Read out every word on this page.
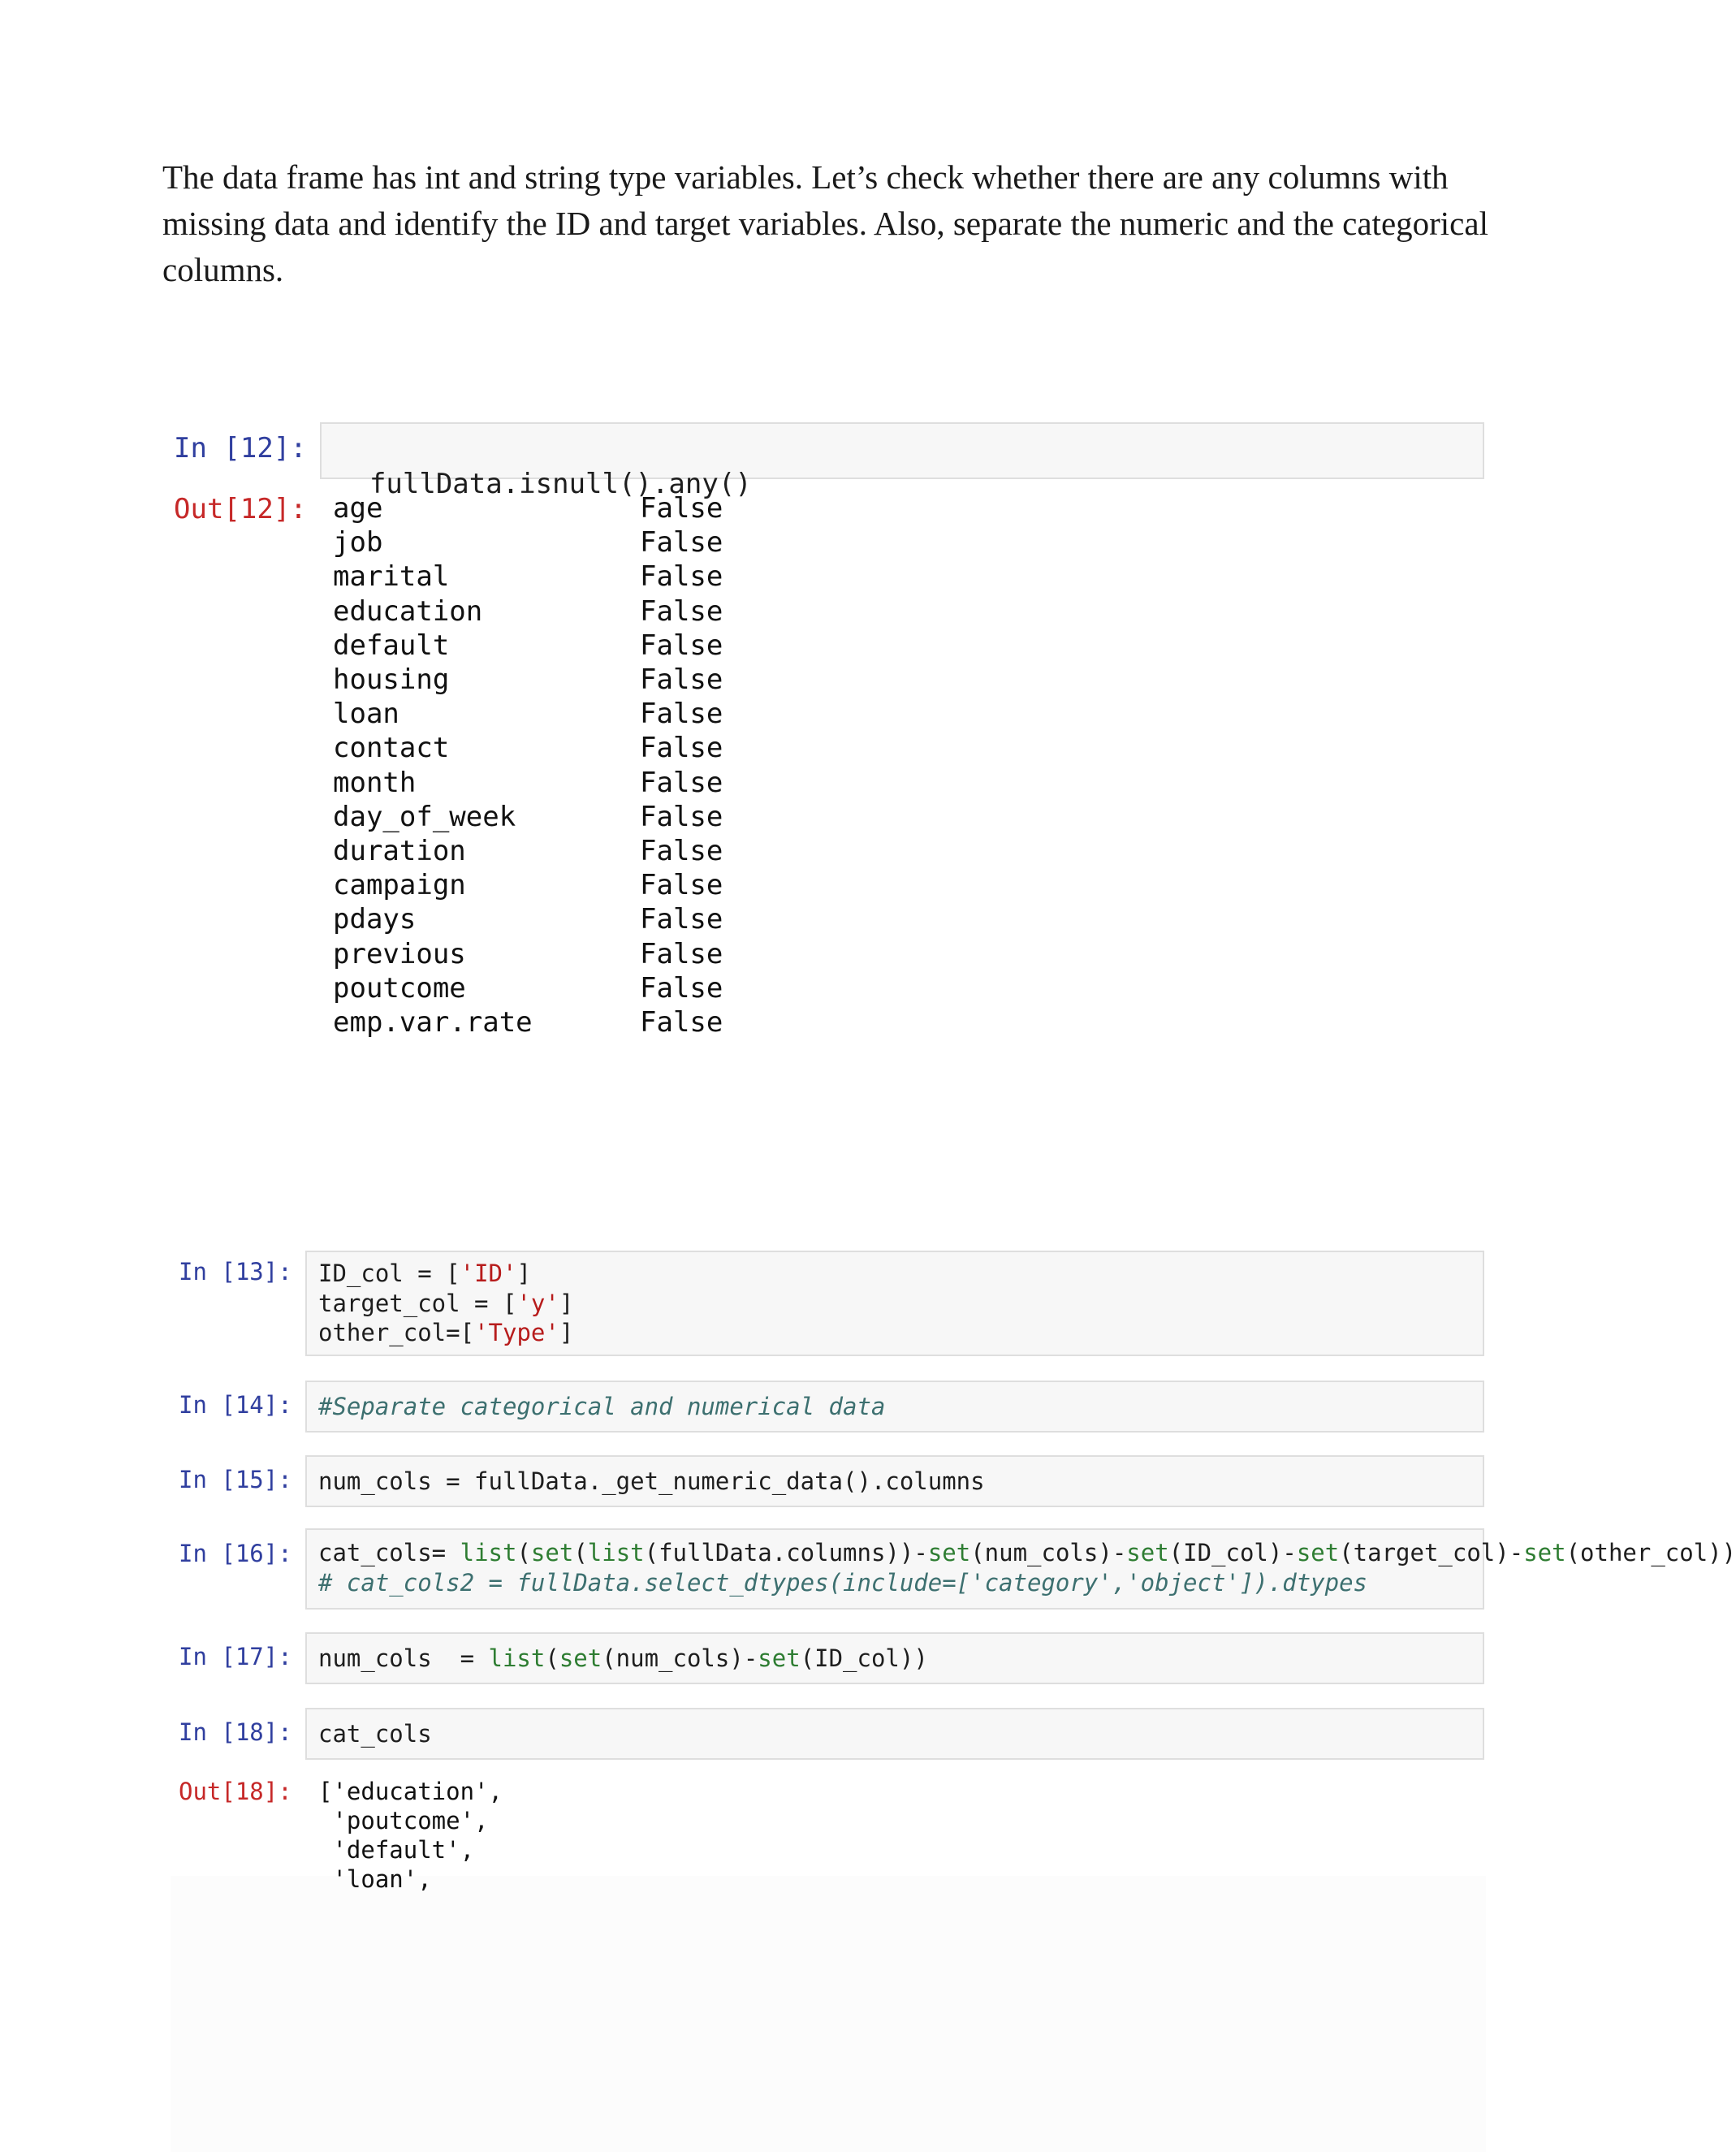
The data frame has int and string type variables. Let’s check whether there are any columns with missing data and identify the ID and target variables. Also, separate the numeric and the categorical columns.

In [12]:

fullData.isnull().any()

Out[12]: age	False
job	False
marital	False
education	False
default	False
housing	False
loan	False
contact	False
month	False
day_of_week	False
duration	False
campaign	False
pdays	False
previous	False
poutcome	False
emp.var.rate	False
In [13]: ID_col = ['ID']
target_col = ['y']
other_col=['Type']
In [14]: #Separate categorical and numerical data
In [15]: num_cols = fullData._get_numeric_data().columns
In [16]: cat_cols= list(set(list(fullData.columns))-set(num_cols)-set(ID_col)-set(target_col)-set(other_col))
# cat_cols2 = fullData.select_dtypes(include=['category','object']).dtypes
In [17]: num_cols  = list(set(num_cols)-set(ID_col))
In [18]: cat_cols
Out[18]: ['education',
'poutcome',
'default',
'loan',
